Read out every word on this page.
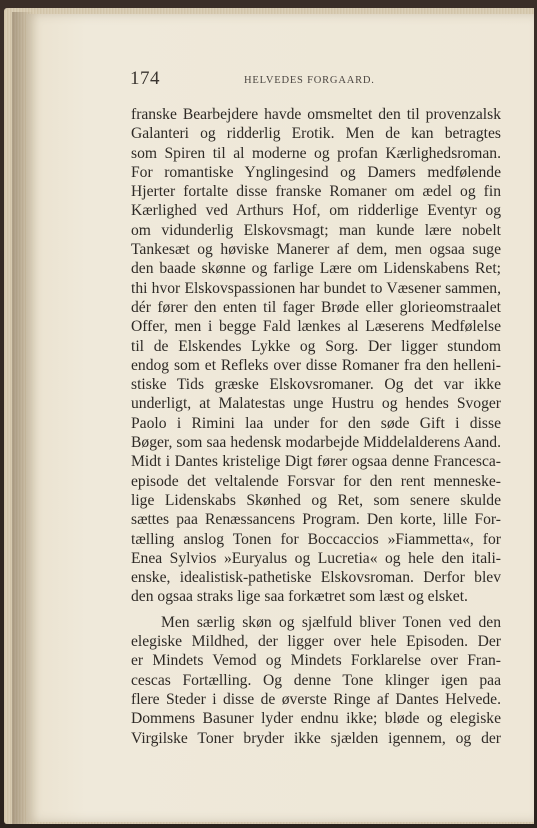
174	HELVEDES FORGAARD.
franske Bearbejdere havde omsmeltet den til provenzalsk
Galanteri og ridderlig Erotik. Men de kan betragtes
som Spiren til al moderne og profan Kærlighedsroman.
For romantiske Ynglingesind og Damers medfølende
Hjerter fortalte disse franske Romaner om ædel og fin
Kærlighed ved Arthurs Hof, om ridderlige Eventyr og
om vidunderlig Elskovsmagt; man kunde lære nobelt
Tankesæt og høviske Manerer af dem, men ogsaa suge
den baade skønne og farlige Lære om Lidenskabens Ret;
thi hvor Elskovspassionen har bundet to Væsener sammen,
dér fører den enten til fager Brøde eller glorieomstraalet
Offer, men i begge Fald lænkes al Læserens Medfølelse
til de Elskendes Lykke og Sorg. Der ligger stundom
endog som et Refleks over disse Romaner fra den helleni-
stiske Tids græske Elskovsromaner. Og det var ikke
underligt, at Malatestas unge Hustru og hendes Svoger
Paolo i Rimini laa under for den søde Gift i disse
Bøger, som saa hedensk modarbejde Middelalderens Aand.
Midt i Dantes kristelige Digt fører ogsaa denne Francesca-
episode det veltalende Forsvar for den rent menneske-
lige Lidenskabs Skønhed og Ret, som senere skulde
sættes paa Renæssancens Program. Den korte, lille For-
tælling anslog Tonen for Boccaccios »Fiammetta«, for
Enea Sylvios »Euryalus og Lucretia« og hele den itali-
enske, idealistisk-pathetiske Elskovsroman. Derfor blev
den ogsaa straks lige saa forkætret som læst og elsket.
Men særlig skøn og sjælfuld bliver Tonen ved den
elegiske Mildhed, der ligger over hele Episoden. Der
er Mindets Vemod og Mindets Forklarelse over Fran-
cescas Fortælling. Og denne Tone klinger igen paa
flere Steder i disse de øverste Ringe af Dantes Helvede.
Dommens Basuner lyder endnu ikke; bløde og elegiske
Virgilske Toner bryder ikke sjælden igennem, og der
